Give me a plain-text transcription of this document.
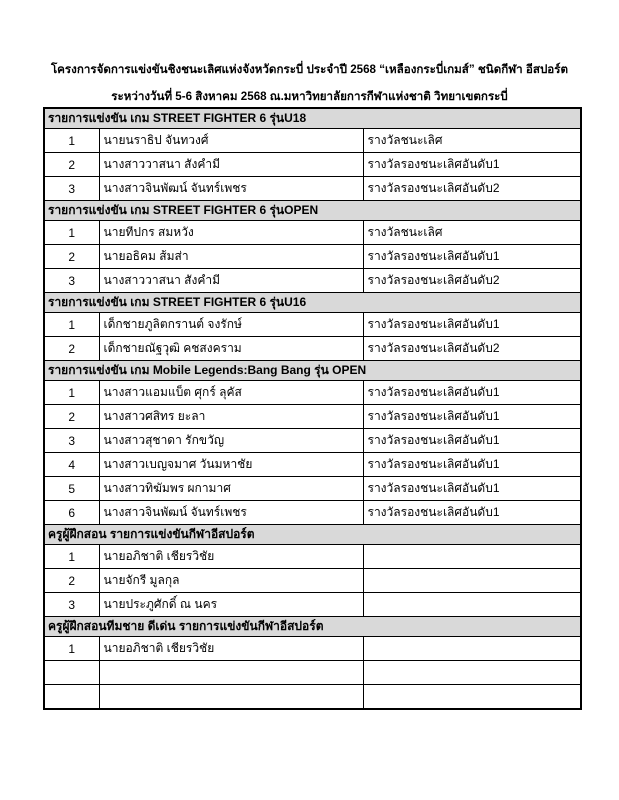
โครงการจัดการแข่งขันชิงชนะเลิศแห่งจังหวัดกระบี่ ประจำปี 2568 “เหลืองกระบี่เกมส์” ชนิดกีฬา อีสปอร์ต
ระหว่างวันที่ 5-6 สิงหาคม 2568 ณ.มหาวิทยาลัยการกีฬาแห่งชาติ วิทยาเขตกระบี่
รายการแข่งขัน เกม STREET FIGHTER 6 รุ่นU18		
1	นายนราธิป จันทวงศ์	รางวัลชนะเลิศ
2	นางสาววาสนา สังคำมี	รางวัลรองชนะเลิศอันดับ1
3	นางสาวจินพัฒน์ จันทร์เพชร	รางวัลรองชนะเลิศอันดับ2
รายการแข่งขัน เกม STREET FIGHTER 6 รุ่นOPEN		
1	นายทีปกร สมหวัง	รางวัลชนะเลิศ
2	นายอธิคม ส้มส่า	รางวัลรองชนะเลิศอันดับ1
3	นางสาววาสนา สังคำมี	รางวัลรองชนะเลิศอันดับ2
รายการแข่งขัน เกม STREET FIGHTER 6 รุ่นU16		
1	เด็กชายภูลิตกรานต์ จงรักษ์	รางวัลรองชนะเลิศอันดับ1
2	เด็กชายณัฐวุฒิ คชสงคราม	รางวัลรองชนะเลิศอันดับ2
รายการแข่งขัน เกม Mobile Legends:Bang Bang รุ่น OPEN		
1	นางสาวแอมแบ็ต ศุกร์ ลุคัส	รางวัลรองชนะเลิศอันดับ1
2	นางสาวศสิทร ยะลา	รางวัลรองชนะเลิศอันดับ1
3	นางสาวสุชาดา รักขวัญ	รางวัลรองชนะเลิศอันดับ1
4	นางสาวเบญจมาศ วันมหาชัย	รางวัลรองชนะเลิศอันดับ1
5	นางสาวทิฆัมพร ผกามาศ	รางวัลรองชนะเลิศอันดับ1
6	นางสาวจินพัฒน์ จันทร์เพชร	รางวัลรองชนะเลิศอันดับ1
ครูผู้ฝึกสอน รายการแข่งขันกีฬาอีสปอร์ต		
1	นายอภิชาติ เชียรวิชัย	
2	นายจักรี มูลกุล	
3	นายประภูศักดิ์ ณ นคร	
ครูผู้ฝึกสอนทีมชาย ดีเด่น รายการแข่งขันกีฬาอีสปอร์ต		
1	นายอภิชาติ เชียรวิชัย	
